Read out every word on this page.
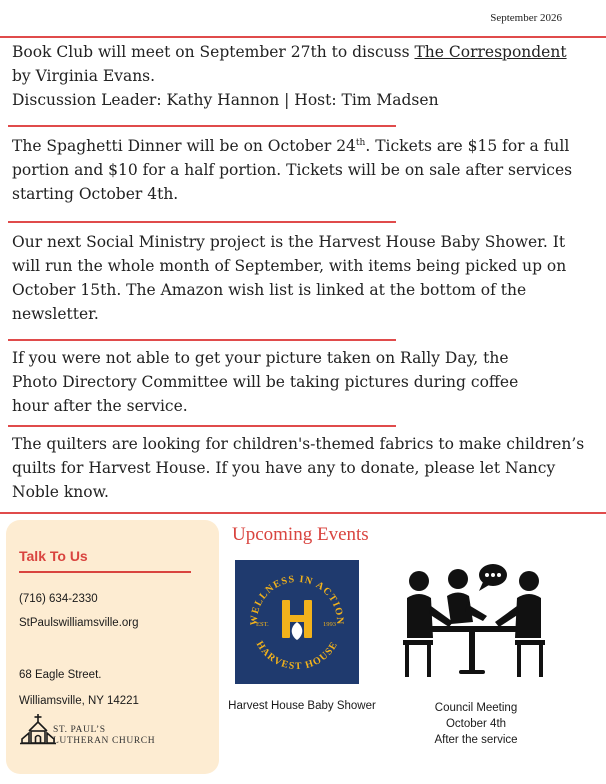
September 2026

Book Club will meet on September 27th to discuss The Correspondent

by Virginia Evans.

Discussion Leader: Kathy Hannon | Host: Tim Madsen

The Spaghetti Dinner will be on October 24th. Tickets are $15 for a full portion and $10 for a half portion. Tickets will be on sale after services starting October 4th.

Our next Social Ministry project is the Harvest House Baby Shower. It will run the whole month of September, with items being picked up on October 15th. The Amazon wish list is linked at the bottom of the newsletter.

If you were not able to get your picture taken on Rally Day, the

Photo Directory Committee will be taking pictures during coffee

hour after the service.

The quilters are looking for children's-themed fabrics to make children’s quilts for Harvest House. If you have any to donate, please let Nancy Noble know.

Talk To Us
(716) 634-2330
StPaulswilliamsville.org
68 Eagle Street.
Williamsville, NY 14221
ST. PAUL’S
LUTHERAN CHURCH
Upcoming Events
WELLNESS IN ACTION
HARVEST HOUSE
EST.	1993
Harvest House Baby Shower	Council Meeting
October 4th
After the service
